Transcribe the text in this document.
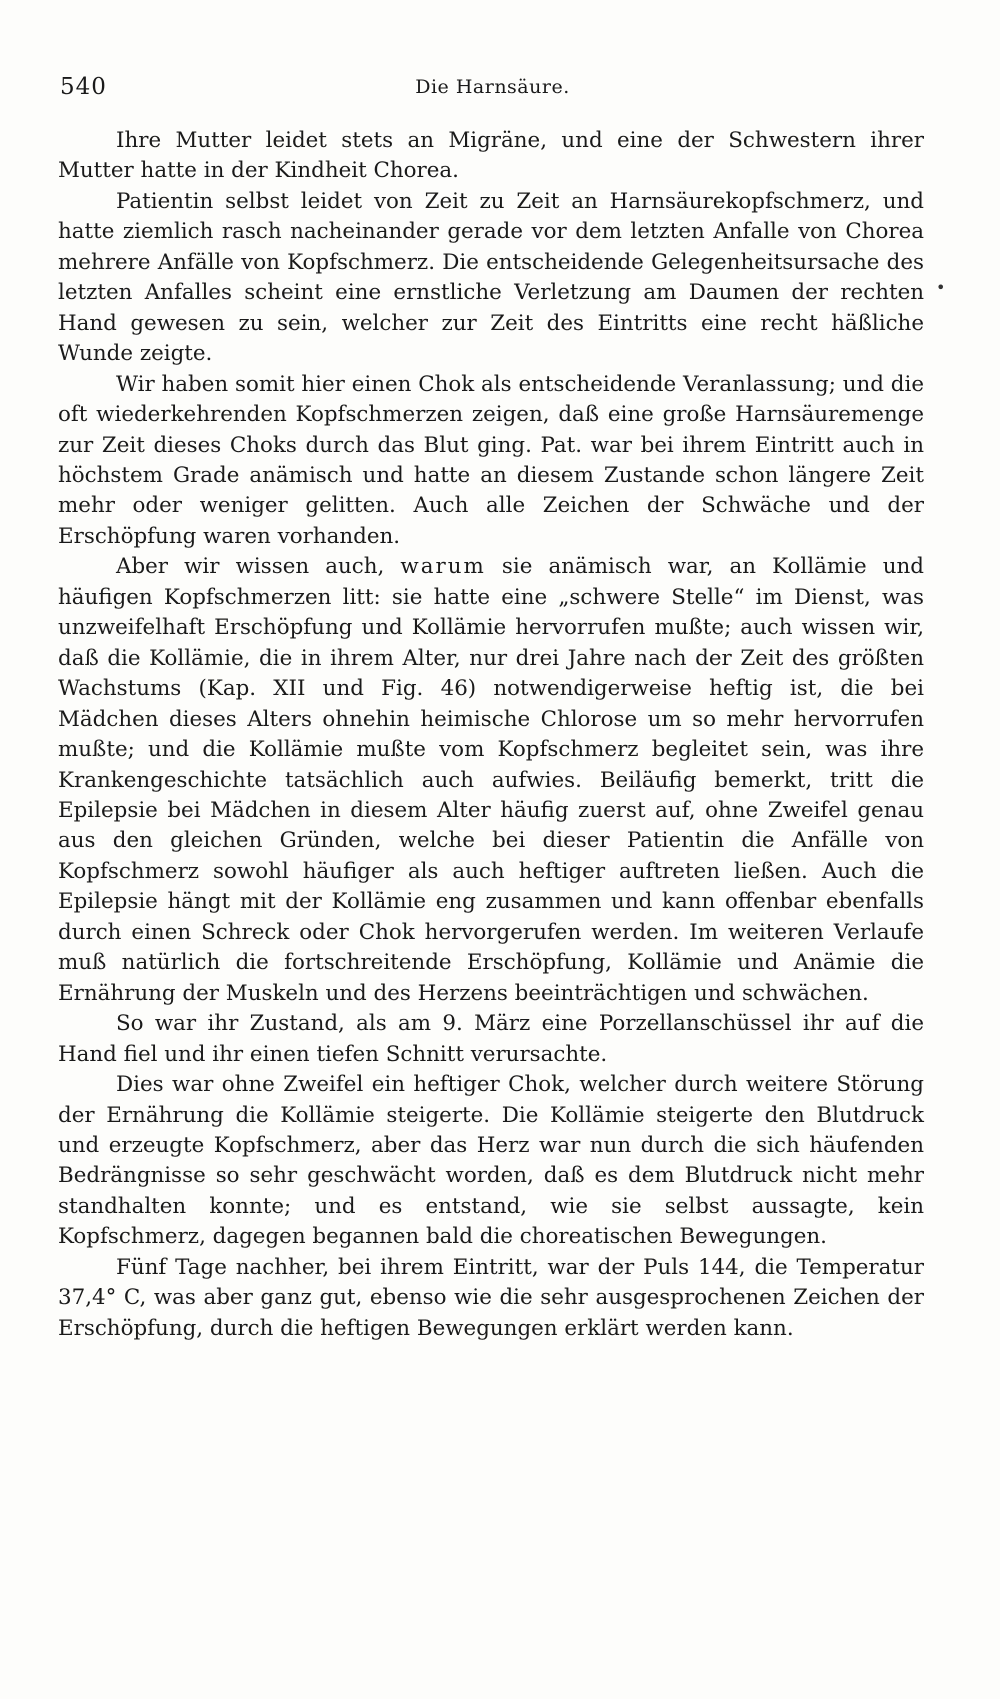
540	Die Harnsäure.
•

Ihre Mutter leidet stets an Migräne, und eine der Schwestern ihrer Mutter hatte in der Kindheit Chorea.

Patientin selbst leidet von Zeit zu Zeit an Harnsäurekopfschmerz, und hatte ziemlich rasch nacheinander gerade vor dem letzten Anfalle von Chorea mehrere Anfälle von Kopfschmerz. Die entscheidende Gelegenheitsursache des letzten Anfalles scheint eine ernstliche Verletzung am Daumen der rechten Hand gewesen zu sein, welcher zur Zeit des Eintritts eine recht häßliche Wunde zeigte.

Wir haben somit hier einen Chok als entscheidende Veranlassung; und die oft wiederkehrenden Kopfschmerzen zeigen, daß eine große Harnsäuremenge zur Zeit dieses Choks durch das Blut ging. Pat. war bei ihrem Eintritt auch in höchstem Grade anämisch und hatte an diesem Zustande schon längere Zeit mehr oder weniger gelitten. Auch alle Zeichen der Schwäche und der Erschöpfung waren vorhanden.

Aber wir wissen auch, warum sie anämisch war, an Kollämie und häufigen Kopfschmerzen litt: sie hatte eine „schwere Stelle“ im Dienst, was unzweifelhaft Erschöpfung und Kollämie hervorrufen mußte; auch wissen wir, daß die Kollämie, die in ihrem Alter, nur drei Jahre nach der Zeit des größten Wachstums (Kap. XII und Fig. 46) notwendigerweise heftig ist, die bei Mädchen dieses Alters ohnehin heimische Chlorose um so mehr hervorrufen mußte; und die Kollämie mußte vom Kopfschmerz begleitet sein, was ihre Krankengeschichte tatsächlich auch aufwies. Beiläufig bemerkt, tritt die Epilepsie bei Mädchen in diesem Alter häufig zuerst auf, ohne Zweifel genau aus den gleichen Gründen, welche bei dieser Patientin die Anfälle von Kopfschmerz sowohl häufiger als auch heftiger auftreten ließen. Auch die Epilepsie hängt mit der Kollämie eng zusammen und kann offenbar ebenfalls durch einen Schreck oder Chok hervorgerufen werden. Im weiteren Verlaufe muß natürlich die fortschreitende Erschöpfung, Kollämie und Anämie die Ernährung der Muskeln und des Herzens beeinträchtigen und schwächen.

So war ihr Zustand, als am 9. März eine Porzellanschüssel ihr auf die Hand fiel und ihr einen tiefen Schnitt verursachte.

Dies war ohne Zweifel ein heftiger Chok, welcher durch weitere Störung der Ernährung die Kollämie steigerte. Die Kollämie steigerte den Blutdruck und erzeugte Kopfschmerz, aber das Herz war nun durch die sich häufenden Bedrängnisse so sehr geschwächt worden, daß es dem Blutdruck nicht mehr standhalten konnte; und es entstand, wie sie selbst aussagte, kein Kopfschmerz, dagegen begannen bald die choreatischen Bewegungen.

Fünf Tage nachher, bei ihrem Eintritt, war der Puls 144, die Temperatur 37,4° C, was aber ganz gut, ebenso wie die sehr ausgesprochenen Zeichen der Erschöpfung, durch die heftigen Bewegungen erklärt werden kann.
